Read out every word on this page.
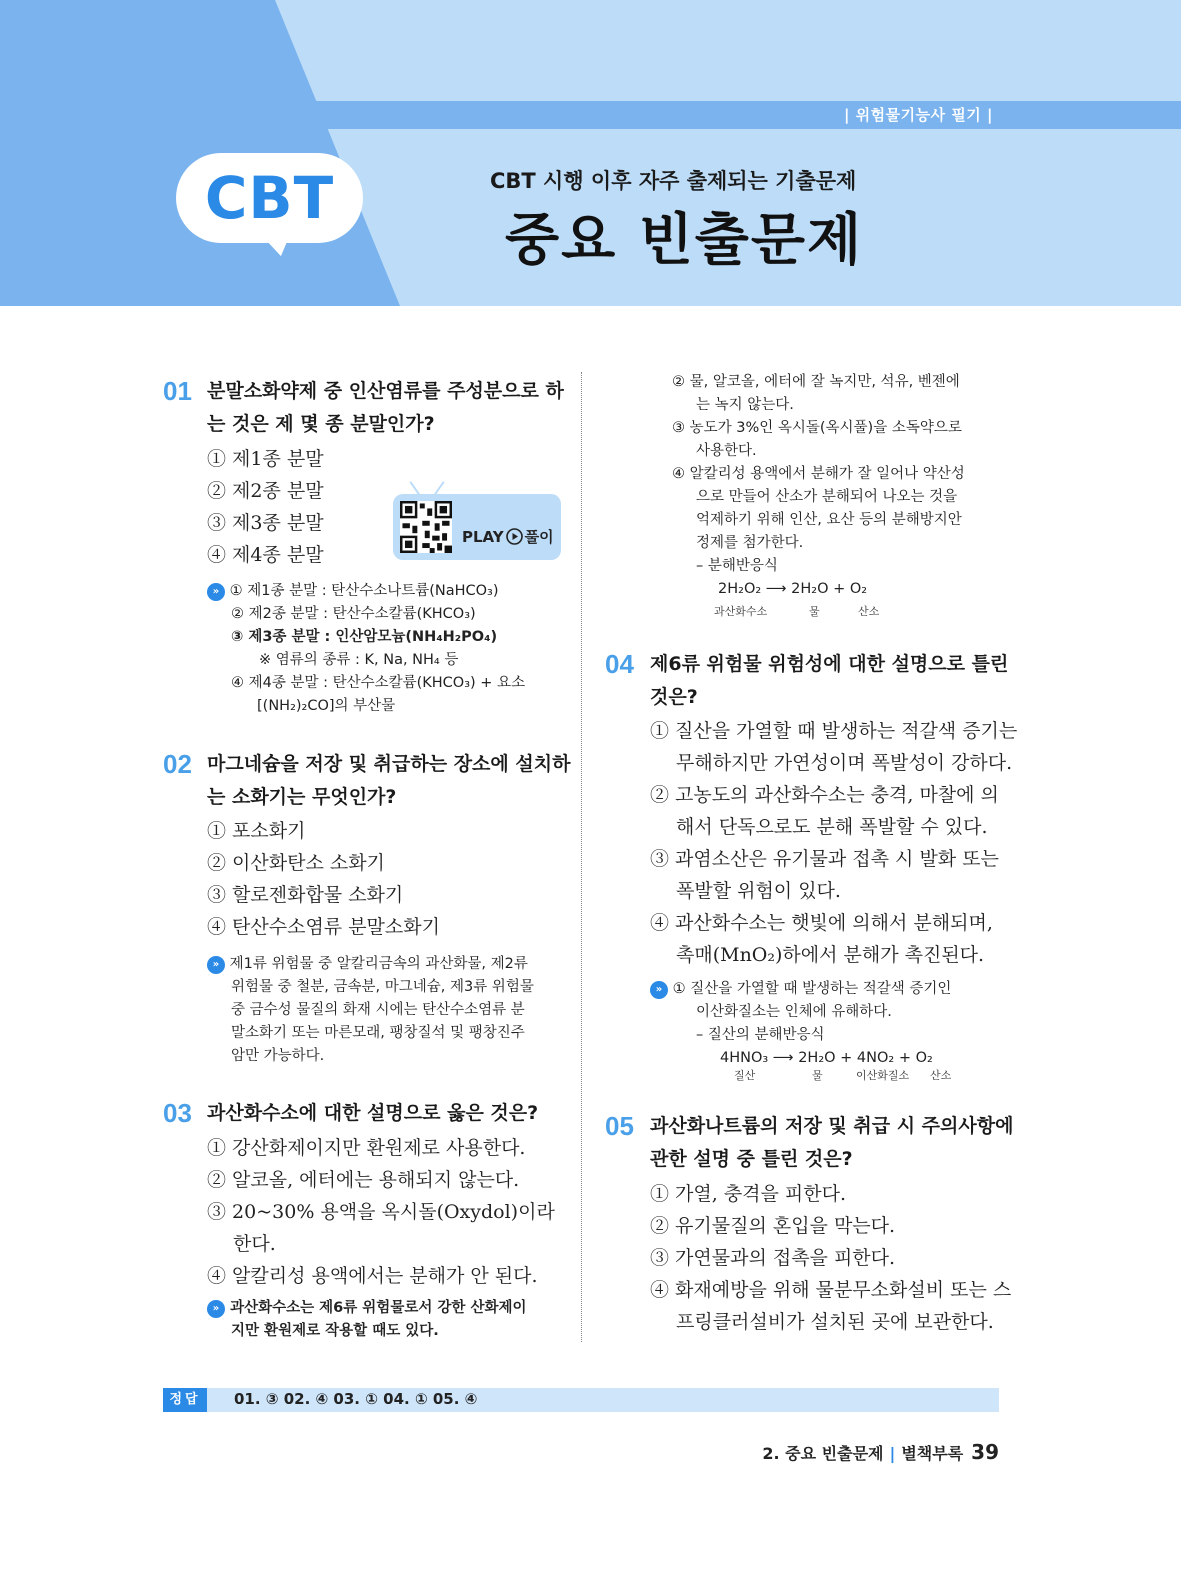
| 위험물기능사 필기 |
CBT	CBT 시행 이후 자주 출제되는 기출문제
중요 빈출문제
01 분말소화약제 중 인산염류를 주성분으로 하
는 것은 제 몇 종 분말인가?
① 제1종 분말
② 제2종 분말
③ 제3종 분말
④ 제4종 분말
PLAY 풀이
» ① 제1종 분말 : 탄산수소나트륨(NaHCO₃)
② 제2종 분말 : 탄산수소칼륨(KHCO₃)
③ 제3종 분말 : 인산암모늄(NH₄H₂PO₄)
※ 염류의 종류 : K, Na, NH₄ 등
④ 제4종 분말 : 탄산수소칼륨(KHCO₃) + 요소
[(NH₂)₂CO]의 부산물
02 마그네슘을 저장 및 취급하는 장소에 설치하
는 소화기는 무엇인가?
① 포소화기
② 이산화탄소 소화기
③ 할로젠화합물 소화기
④ 탄산수소염류 분말소화기
» 제1류 위험물 중 알칼리금속의 과산화물, 제2류
위험물 중 철분, 금속분, 마그네슘, 제3류 위험물
중 금수성 물질의 화재 시에는 탄산수소염류 분
말소화기 또는 마른모래, 팽창질석 및 팽창진주
암만 가능하다.
03 과산화수소에 대한 설명으로 옳은 것은?
① 강산화제이지만 환원제로 사용한다.
② 알코올, 에터에는 용해되지 않는다.
③ 20~30% 용액을 옥시돌(Oxydol)이라
한다.
④ 알칼리성 용액에서는 분해가 안 된다.
» 과산화수소는 제6류 위험물로서 강한 산화제이
지만 환원제로 작용할 때도 있다.
② 물, 알코올, 에터에 잘 녹지만, 석유, 벤젠에
는 녹지 않는다.
③ 농도가 3%인 옥시돌(옥시풀)을 소독약으로
사용한다.
④ 알칼리성 용액에서 분해가 잘 일어나 약산성
으로 만들어 산소가 분해되어 나오는 것을
억제하기 위해 인산, 요산 등의 분해방지안
정제를 첨가한다.
– 분해반응식
2H₂O₂ ⟶ 2H₂O + O₂
과산화수소	물	산소
04 제6류 위험물 위험성에 대한 설명으로 틀린
것은?
① 질산을 가열할 때 발생하는 적갈색 증기는
무해하지만 가연성이며 폭발성이 강하다.
② 고농도의 과산화수소는 충격, 마찰에 의
해서 단독으로도 분해 폭발할 수 있다.
③ 과염소산은 유기물과 접촉 시 발화 또는
폭발할 위험이 있다.
④ 과산화수소는 햇빛에 의해서 분해되며,
촉매(MnO₂)하에서 분해가 촉진된다.
» ① 질산을 가열할 때 발생하는 적갈색 증기인
이산화질소는 인체에 유해하다.
– 질산의 분해반응식
4HNO₃ ⟶ 2H₂O + 4NO₂ + O₂
질산	물	이산화질소 산소
05 과산화나트륨의 저장 및 취급 시 주의사항에
관한 설명 중 틀린 것은?
① 가열, 충격을 피한다.
② 유기물질의 혼입을 막는다.
③ 가연물과의 접촉을 피한다.
④ 화재예방을 위해 물분무소화설비 또는 스
프링클러설비가 설치된 곳에 보관한다.
정답	01. ③ 02. ④ 03. ① 04. ① 05. ④
2. 중요 빈출문제 | 별책부록 39
